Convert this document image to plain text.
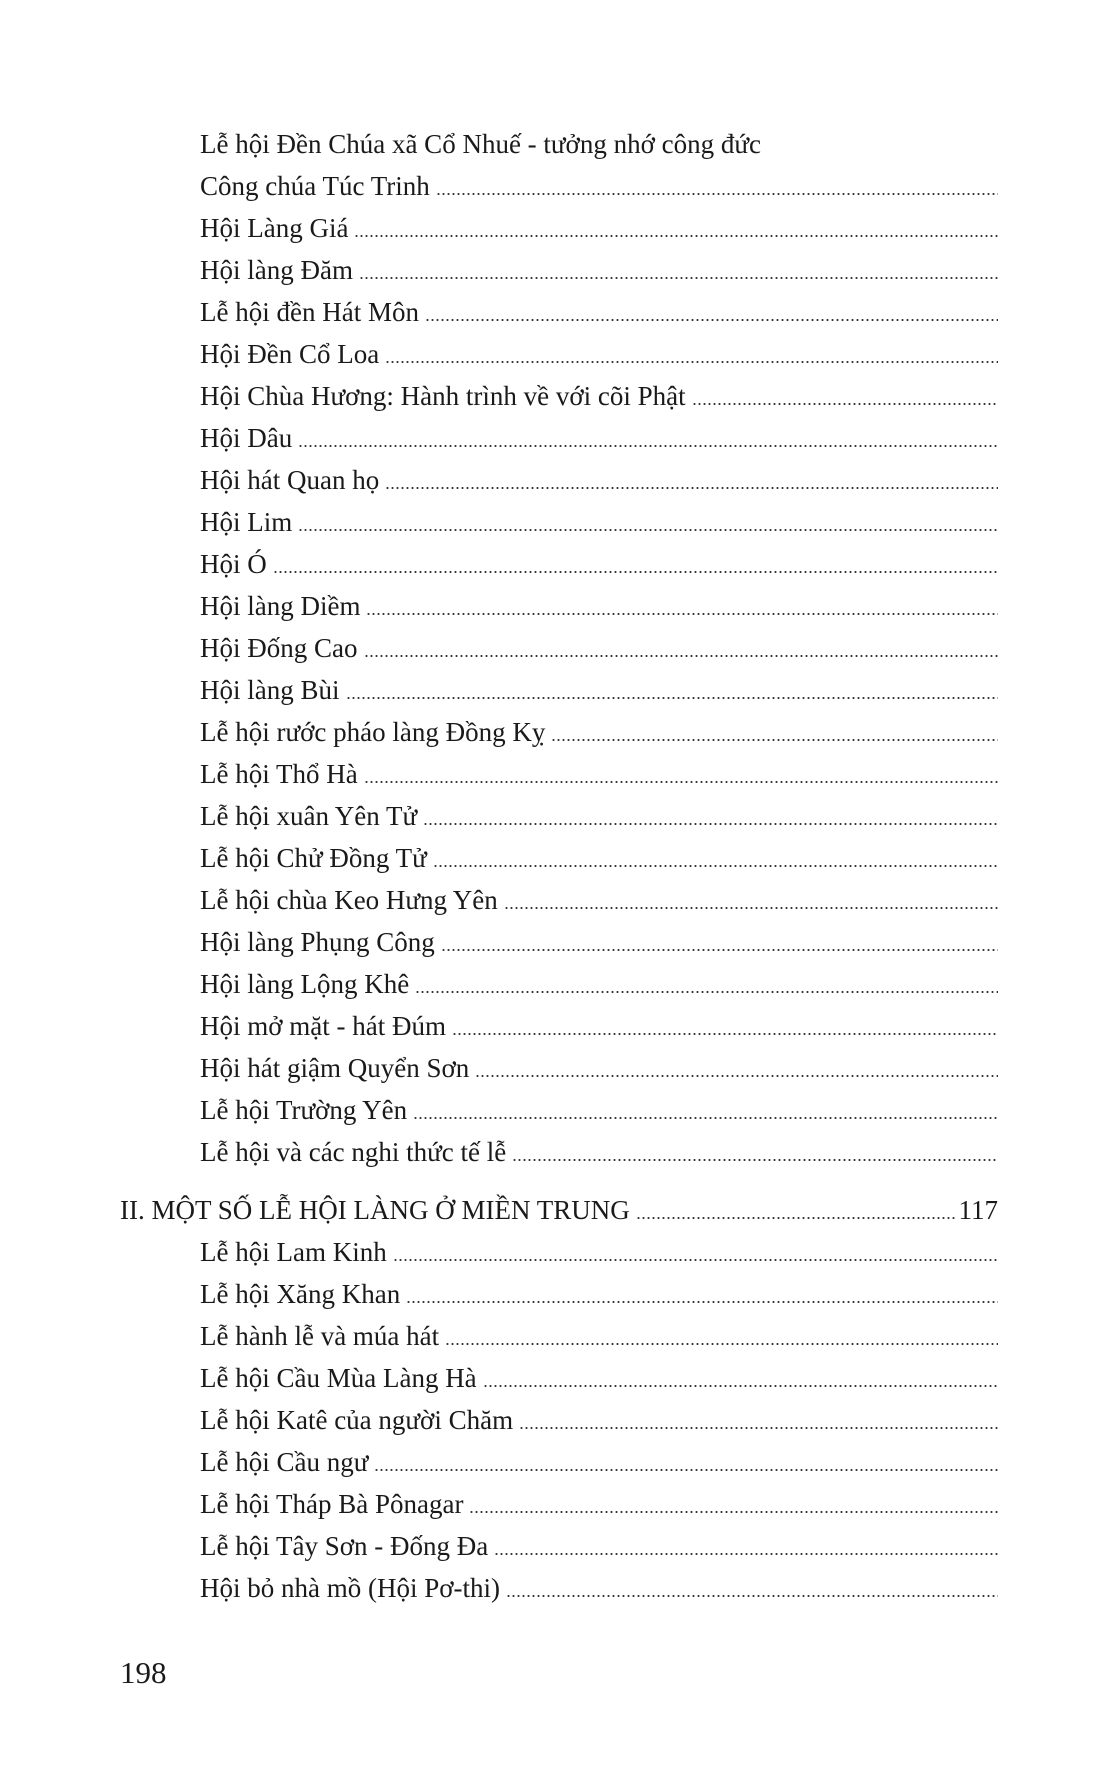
Lễ hội Đền Chúa xã Cổ Nhuế - tưởng nhớ công đức
Công chúa Túc Trinh
Hội Làng Giá
Hội làng Đăm
Lễ hội đền Hát Môn
Hội Đền Cổ Loa
Hội Chùa Hương: Hành trình về với cõi Phật
Hội Dâu
Hội hát Quan họ
Hội Lim
Hội Ó
Hội làng Diềm
Hội Đống Cao
Hội làng Bùi
Lễ hội rước pháo làng Đồng Kỵ
Lễ hội Thổ Hà
Lễ hội xuân Yên Tử
Lễ hội Chử Đồng Tử
Lễ hội chùa Keo Hưng Yên
Hội làng Phụng Công
Hội làng Lộng Khê
Hội mở mặt - hát Đúm
Hội hát giậm Quyển Sơn
Lễ hội Trường Yên
Lễ hội và các nghi thức tế lễ
II. MỘT SỐ LỄ HỘI LÀNG Ở MIỀN TRUNG	117
Lễ hội Lam Kinh
Lễ hội Xăng Khan
Lễ hành lễ và múa hát
Lễ hội Cầu Mùa Làng Hà
Lễ hội Katê của người Chăm
Lễ hội Cầu ngư
Lễ hội Tháp Bà Pônagar
Lễ hội Tây Sơn - Đống Đa
Hội bỏ nhà mồ (Hội Pơ-thi)
198
